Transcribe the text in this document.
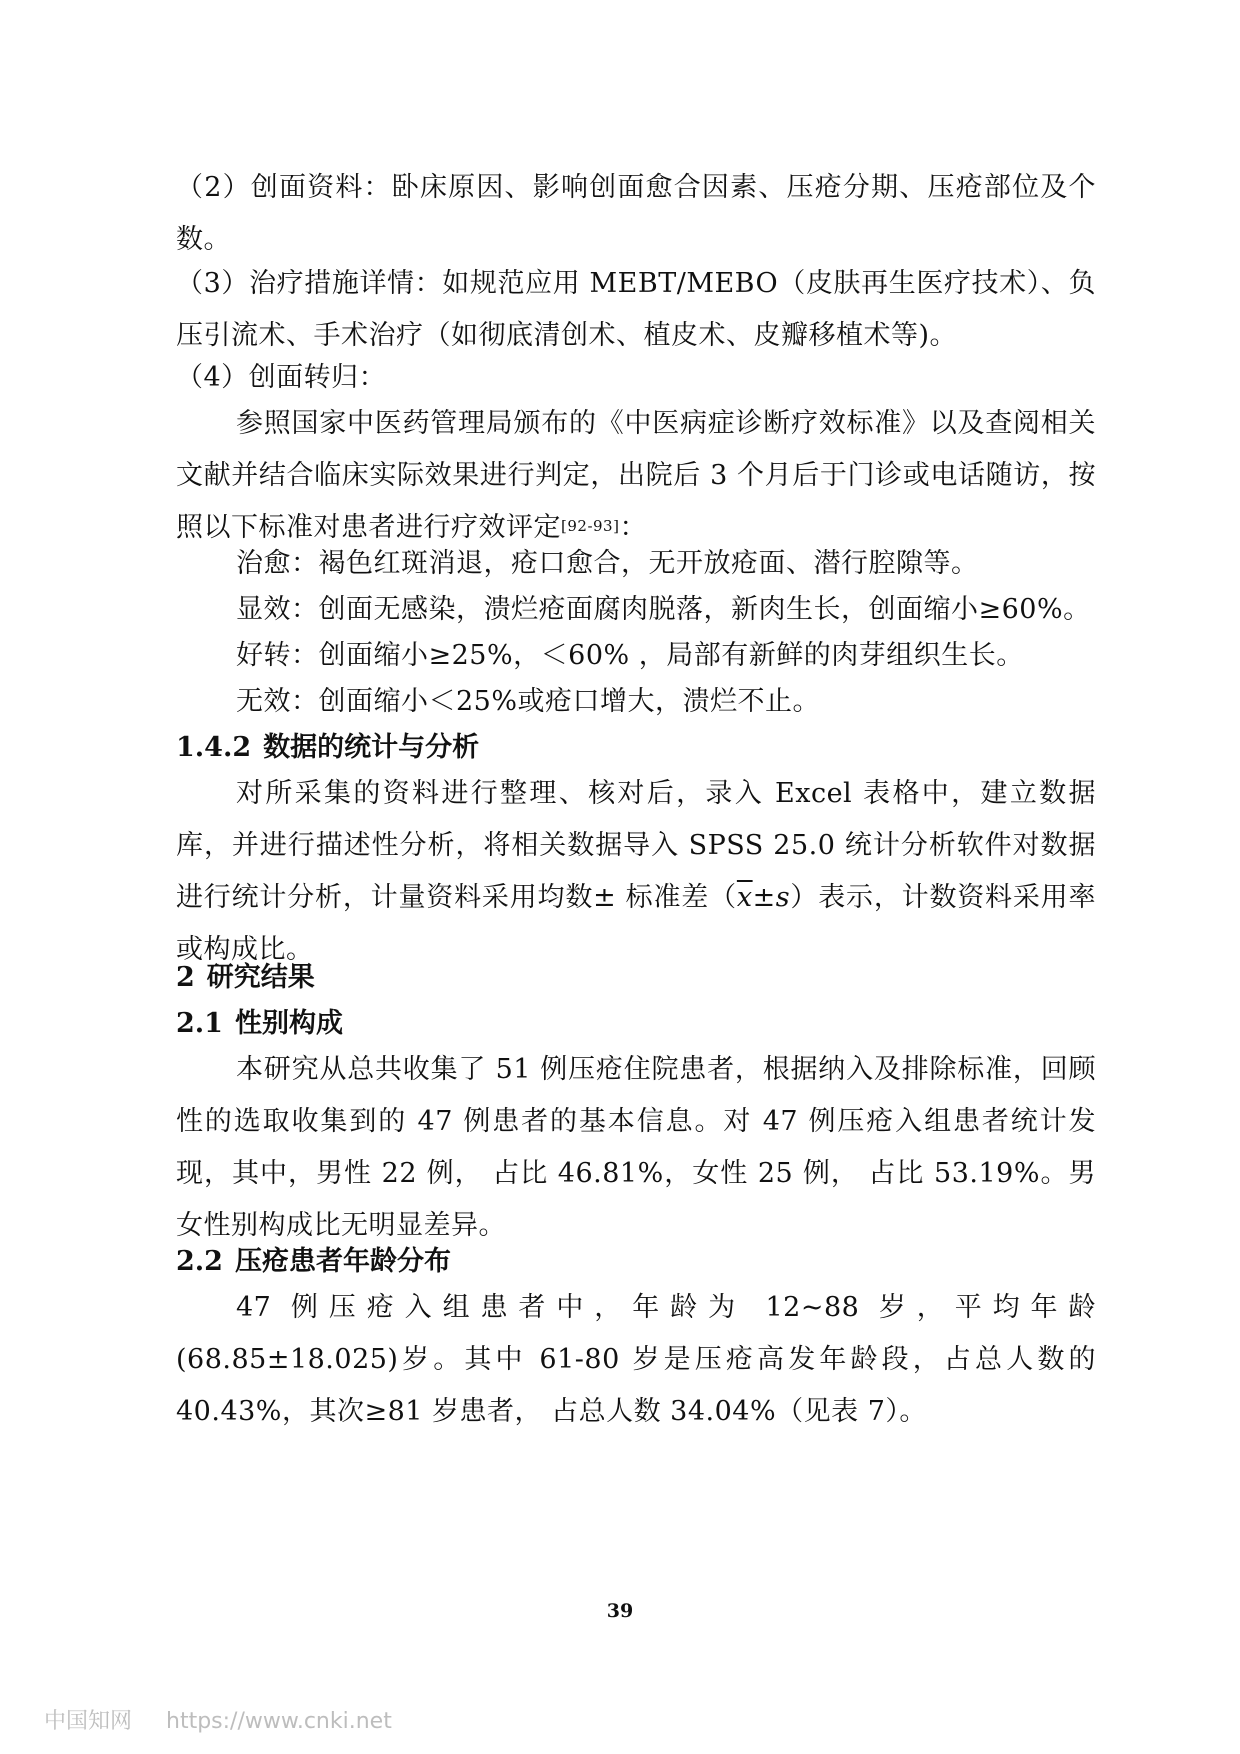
（2）创面资料：卧床原因、影响创面愈合因素、压疮分期、压疮部位及个数。

（3）治疗措施详情：如规范应用 MEBT/MEBO（皮肤再生医疗技术）、负压引流术、手术治疗（如彻底清创术、植皮术、皮瓣移植术等)。

（4）创面转归：

参照国家中医药管理局颁布的《中医病症诊断疗效标准》以及查阅相关文献并结合临床实际效果进行判定，出院后 3 个月后于门诊或电话随访，按照以下标准对患者进行疗效评定[92-93]：

治愈：褐色红斑消退，疮口愈合，无开放疮面、潜行腔隙等。

显效：创面无感染，溃烂疮面腐肉脱落，新肉生长，创面缩小≥60%。

好转：创面缩小≥25%，＜60% ，局部有新鲜的肉芽组织生长。

无效：创面缩小＜25%或疮口增大，溃烂不止。

1.4.2 数据的统计与分析

对所采集的资料进行整理、核对后，录入 Excel 表格中，建立数据库，并进行描述性分析，将相关数据导入 SPSS 25.0 统计分析软件对数据进行统计分析，计量资料采用均数± 标准差$(\overline{x}\pm s)$表示，计数资料采用率或构成比。

2 研究结果
2.1 性别构成

本研究从总共收集了 51 例压疮住院患者，根据纳入及排除标准，回顾性的选取收集到的 47 例患者的基本信息。对 47 例压疮入组患者统计发现，其中，男性 22 例， 占比 46.81%，女性 25 例， 占比 53.19%。男女性别构成比无明显差异。

2.2 压疮患者年龄分布

47 例压疮入组患者中，年龄为 12~88 岁，平均年龄(68.85±18.025)岁。其中 61-80 岁是压疮高发年龄段，占总人数的 40.43%，其次≥81 岁患者， 占总人数 34.04%（见表 7）。

39
中国知网 https://www.cnki.net
